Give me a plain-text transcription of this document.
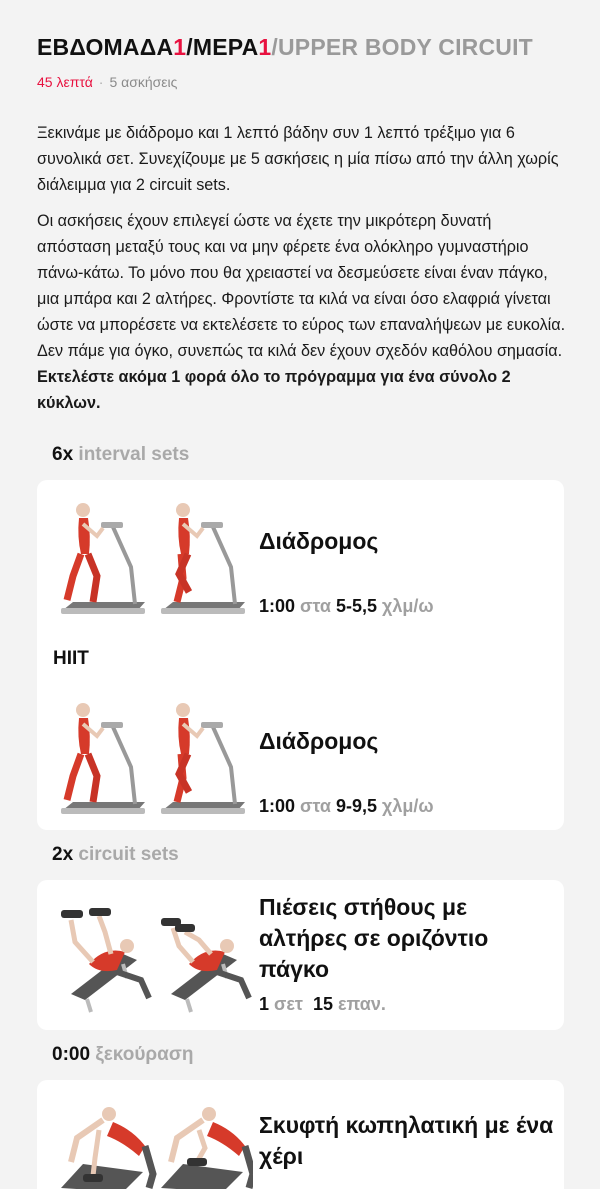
ΕΒΔΟΜΑΔΑ1/ΜΕΡΑ1/UPPER BODY CIRCUIT
45 λεπτά · 5 ασκήσεις

Ξεκινάμε με διάδρομο και 1 λεπτό βάδην συν 1 λεπτό τρέξιμο για 6 συνολικά σετ. Συνεχίζουμε με 5 ασκήσεις η μία πίσω από την άλλη χωρίς διάλειμμα για 2 circuit sets.

Οι ασκήσεις έχουν επιλεγεί ώστε να έχετε την μικρότερη δυνατή απόσταση μεταξύ τους και να μην φέρετε ένα ολόκληρο γυμναστήριο πάνω-κάτω. Το μόνο που θα χρειαστεί να δεσμεύσετε είναι έναν πάγκο, μια μπάρα και 2 αλτήρες. Φροντίστε τα κιλά να είναι όσο ελαφριά γίνεται ώστε να μπορέσετε να εκτελέσετε το εύρος των επαναλήψεων με ευκολία. Δεν πάμε για όγκο, συνεπώς τα κιλά δεν έχουν σχεδόν καθόλου σημασία. Εκτελέστε ακόμα 1 φορά όλο το πρόγραμμα για ένα σύνολο 2 κύκλων.

6x interval sets
Διάδρομος
1:00 στα 5-5,5 χλμ/ω
HIIT
Διάδρομος
1:00 στα 9-9,5 χλμ/ω
2x circuit sets
Πιέσεις στήθους με αλτήρες σε οριζόντιο πάγκο
1 σετ 15 επαν.
0:00 ξεκούραση
Σκυφτή κωπηλατική με ένα χέρι
